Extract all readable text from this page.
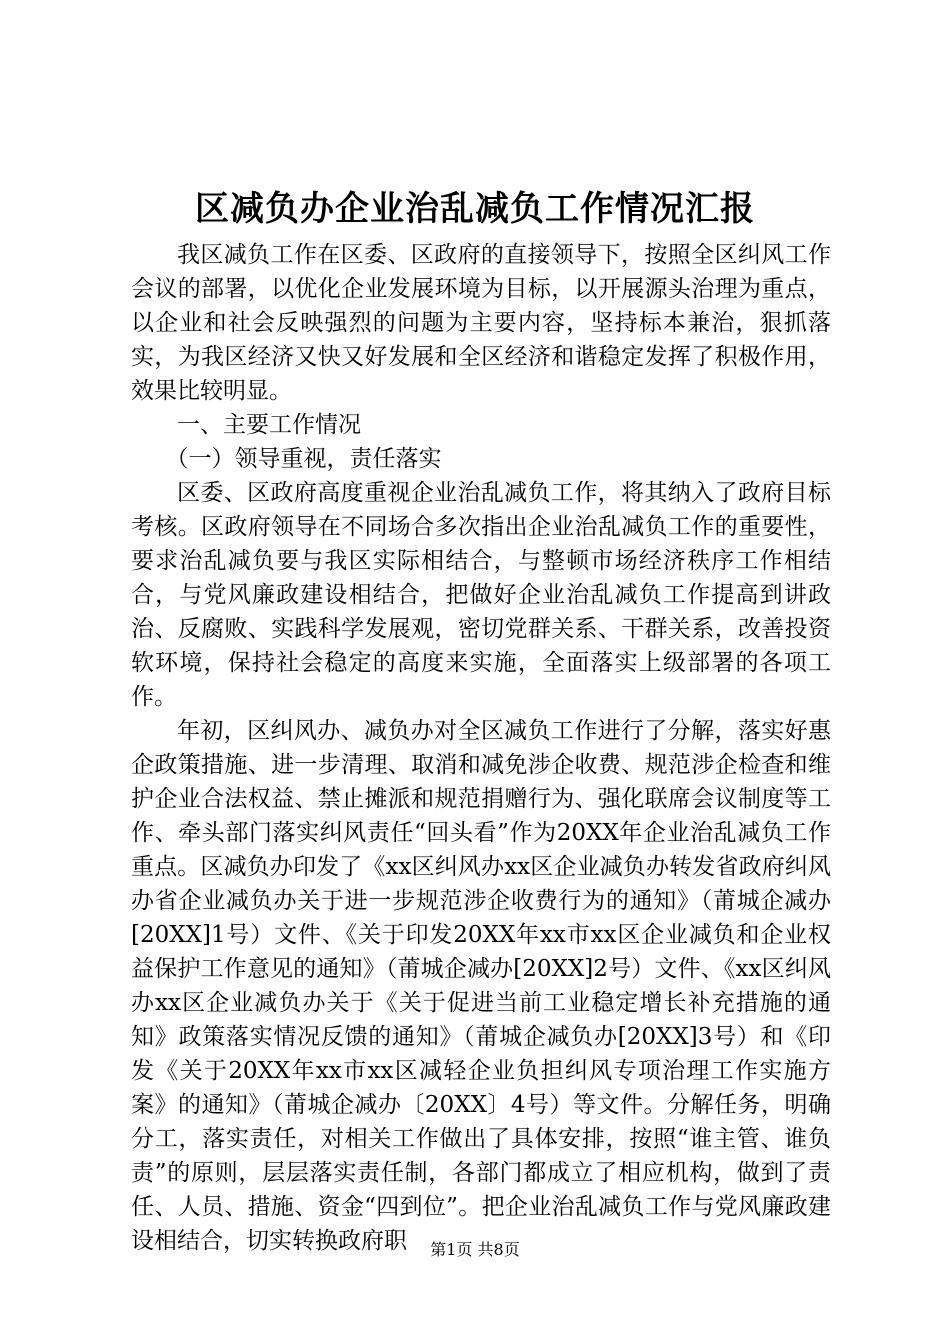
区减负办企业治乱减负工作情况汇报

我区减负工作在区委、区政府的直接领导下，按照全区纠风工作会议的部署，以优化企业发展环境为目标，以开展源头治理为重点，以企业和社会反映强烈的问题为主要内容，坚持标本兼治，狠抓落实，为我区经济又快又好发展和全区经济和谐稳定发挥了积极作用，效果比较明显。

一、主要工作情况

（一）领导重视，责任落实

区委、区政府高度重视企业治乱减负工作，将其纳入了政府目标考核。区政府领导在不同场合多次指出企业治乱减负工作的重要性，要求治乱减负要与我区实际相结合，与整顿市场经济秩序工作相结合，与党风廉政建设相结合，把做好企业治乱减负工作提高到讲政治、反腐败、实践科学发展观，密切党群关系、干群关系，改善投资软环境，保持社会稳定的高度来实施，全面落实上级部署的各项工作。

年初，区纠风办、减负办对全区减负工作进行了分解，落实好惠企政策措施、进一步清理、取消和减免涉企收费、规范涉企检查和维护企业合法权益、禁止摊派和规范捐赠行为、强化联席会议制度等工作、牵头部门落实纠风责任“回头看”作为20XX年企业治乱减负工作重点。区减负办印发了《xx区纠风办xx区企业减负办转发省政府纠风办省企业减负办关于进一步规范涉企收费行为的通知》（莆城企减办[20XX]1号）文件、《关于印发20XX年xx市xx区企业减负和企业权益保护工作意见的通知》（莆城企减办[20XX]2号）文件、《xx区纠风办xx区企业减负办关于《关于促进当前工业稳定增长补充措施的通知》政策落实情况反馈的通知》（莆城企减负办[20XX]3号）和《印发《关于20XX年xx市xx区减轻企业负担纠风专项治理工作实施方案》的通知》（莆城企减办〔20XX〕4号）等文件。分解任务，明确分工，落实责任，对相关工作做出了具体安排，按照“谁主管、谁负责”的原则，层层落实责任制，各部门都成立了相应机构，做到了责任、人员、措施、资金“四到位”。把企业治乱减负工作与党风廉政建设相结合，切实转换政府职	第1页 共8页
